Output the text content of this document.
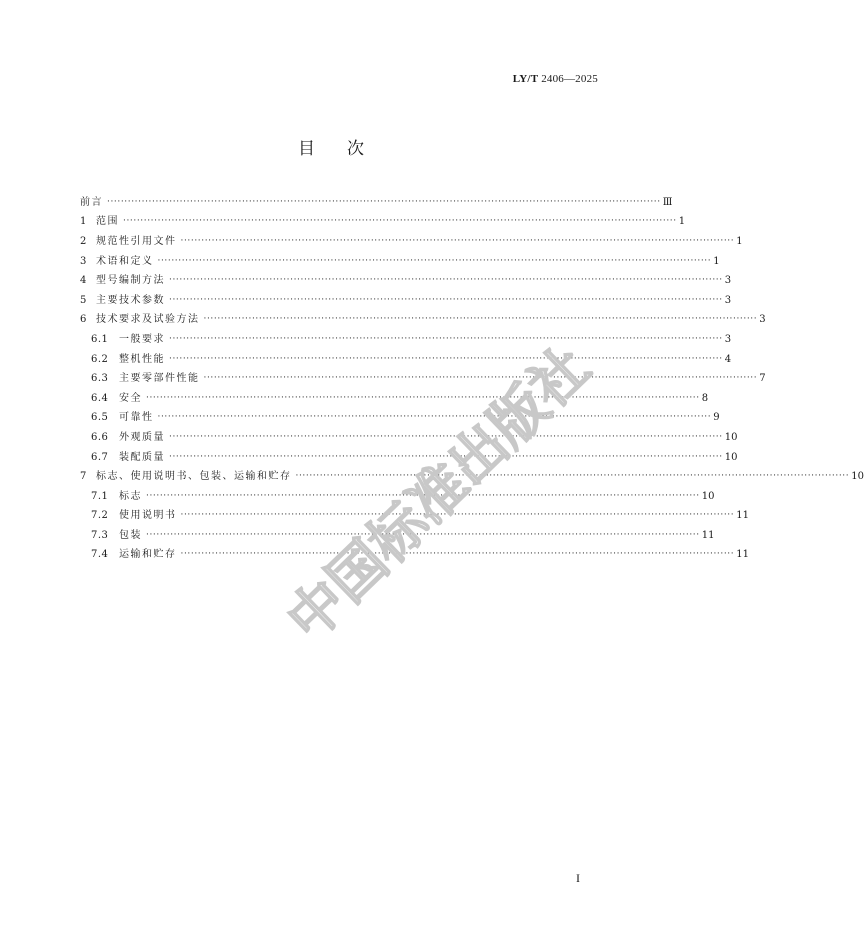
LY/T 2406—2025
目次
前言 ·····	Ⅲ
1 范围 ·····	1
2 规范性引用文件 ·····	1
3 术语和定义 ·····	1
4 型号编制方法 ·····	3
5 主要技术参数 ·····	3
6 技术要求及试验方法 ·····	3
6.1	一般要求 ·····	3
6.2	整机性能 ·····	4
6.3	主要零部件性能 ·····	7
6.4	安全 ·····	8
6.5	可靠性 ·····	9
6.6	外观质量 ·····	10
6.7	装配质量 ·····	10
7 标志、使用说明书、包装、运输和贮存 ·····	10
7.1	标志 ·····	10
7.2	使用说明书 ·····	11
7.3	包装 ·····	11
7.4	运输和贮存 ·····	11
中国标准出版社
I
